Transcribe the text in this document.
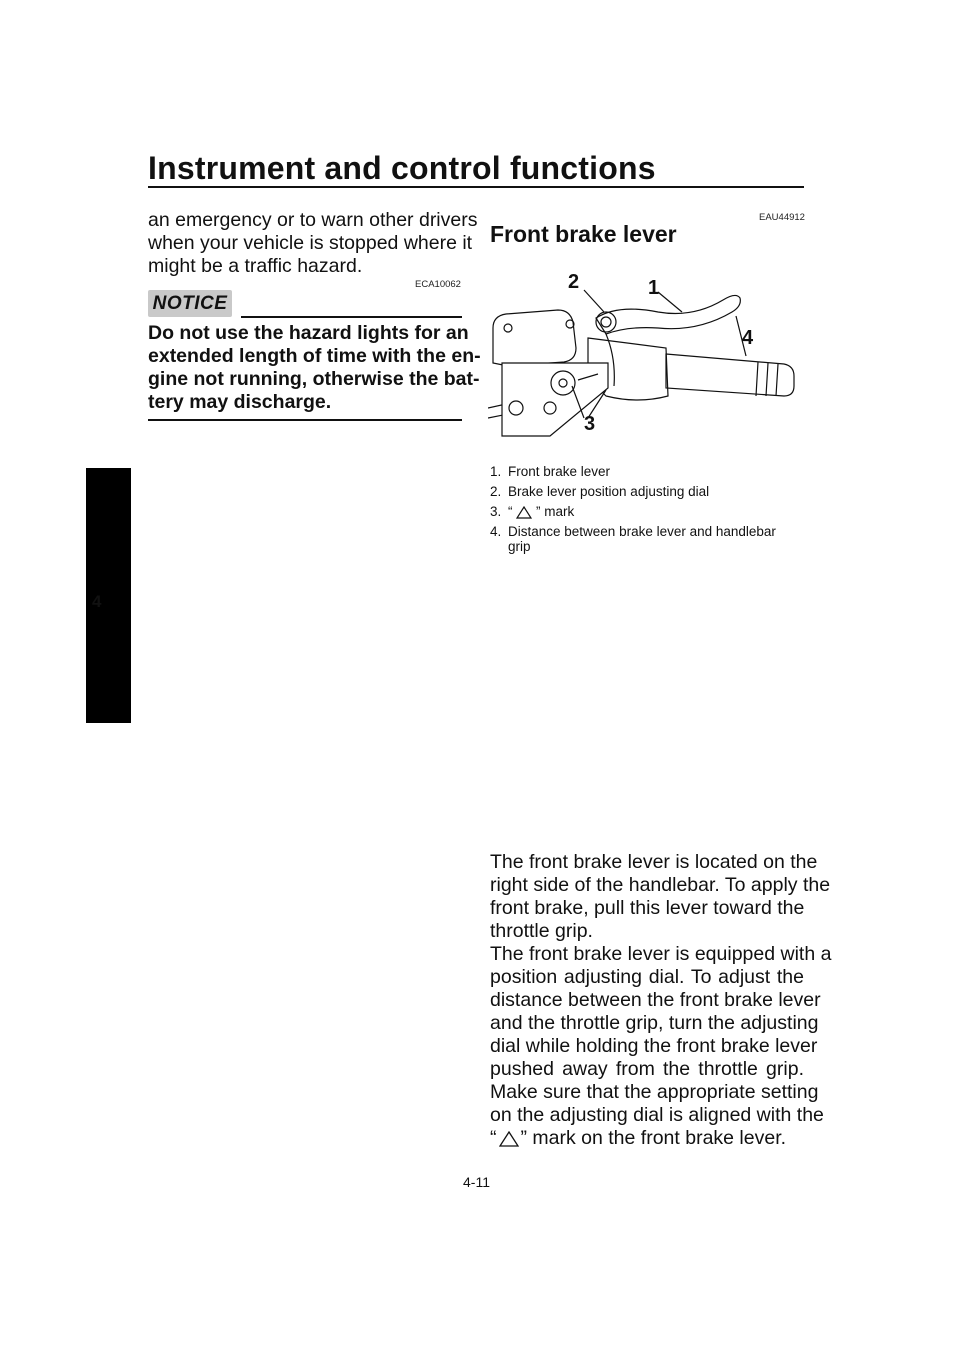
Instrument and control functions
4
an emergency or to warn other drivers
when your vehicle is stopped where it
might be a traffic hazard.
ECA10062
NOTICE
Do not use the hazard lights for an
extended length of time with the en-
gine not running, otherwise the bat-
tery may discharge.
EAU44912
Front brake lever
2	1
4
3
1. Front brake lever
2. Brake lever position adjusting dial
3. “ ” mark
4. Distance between brake lever and handlebar
grip
The front brake lever is located on the
right side of the handlebar. To apply the
front brake, pull this lever toward the
throttle grip.
The front brake lever is equipped with a
position adjusting dial. To adjust the
distance between the front brake lever
and the throttle grip, turn the adjusting
dial while holding the front brake lever
pushed away from the throttle grip.
Make sure that the appropriate setting
on the adjusting dial is aligned with the
“ ” mark on the front brake lever.
4-11
